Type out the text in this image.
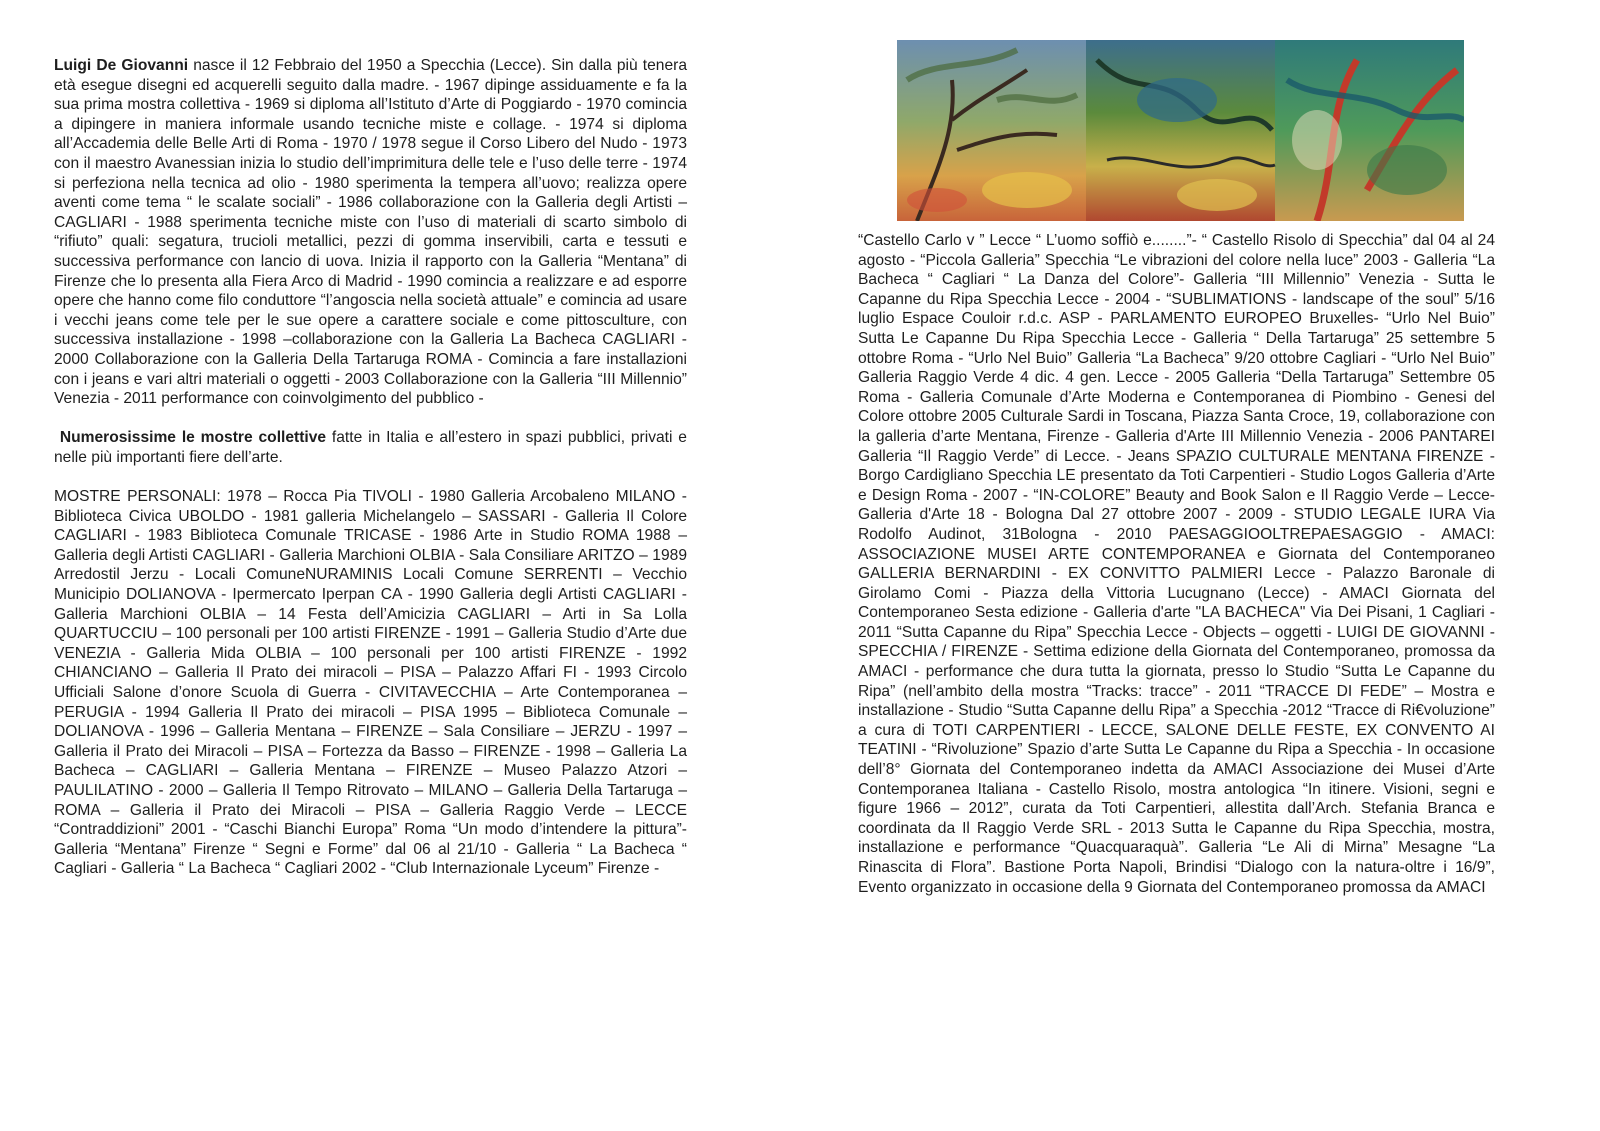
Luigi De Giovanni nasce il 12 Febbraio del 1950 a Specchia (Lecce). Sin dalla più tenera età esegue disegni ed acquerelli seguito dalla madre. - 1967 dipinge assiduamente e fa la sua prima mostra collettiva - 1969 si diploma all’Istituto d’Arte di Poggiardo - 1970 comincia a dipingere in maniera informale usando tecniche miste e collage. - 1974 si diploma all’Accademia delle Belle Arti di Roma - 1970 / 1978 segue il Corso Libero del Nudo - 1973 con il maestro Avanessian inizia lo studio dell’imprimitura delle tele e l’uso delle terre - 1974 si perfeziona nella tecnica ad olio - 1980 sperimenta la tempera all’uovo; realizza opere aventi come tema “ le scalate sociali” - 1986 collaborazione con la Galleria degli Artisti – CAGLIARI - 1988 sperimenta tecniche miste con l’uso di materiali di scarto simbolo di “rifiuto” quali: segatura, trucioli metallici, pezzi di gomma inservibili, carta e tessuti e successiva performance con lancio di uova. Inizia il rapporto con la Galleria “Mentana” di Firenze che lo presenta alla Fiera Arco di Madrid - 1990 comincia a realizzare e ad esporre opere che hanno come filo conduttore “l’angoscia nella società attuale” e comincia ad usare i vecchi jeans come tele per le sue opere a carattere sociale e come pittosculture, con successiva installazione - 1998 –collaborazione con la Galleria La Bacheca CAGLIARI - 2000 Collaborazione con la Galleria Della Tartaruga ROMA - Comincia a fare installazioni con i jeans e vari altri materiali o oggetti - 2003 Collaborazione con la Galleria “III Millennio” Venezia - 2011 performance con coinvolgimento del pubblico -

Numerosissime le mostre collettive fatte in Italia e all’estero in spazi pubblici, privati e nelle più importanti fiere dell’arte.

MOSTRE PERSONALI: 1978 – Rocca Pia TIVOLI - 1980 Galleria Arcobaleno MILANO - Biblioteca Civica UBOLDO - 1981 galleria Michelangelo – SASSARI - Galleria Il Colore CAGLIARI - 1983 Biblioteca Comunale TRICASE - 1986 Arte in Studio ROMA 1988 – Galleria degli Artisti CAGLIARI - Galleria Marchioni OLBIA - Sala Consiliare ARITZO – 1989 Arredostil Jerzu - Locali ComuneNURAMINIS Locali Comune SERRENTI – Vecchio Municipio DOLIANOVA - Ipermercato Iperpan CA - 1990 Galleria degli Artisti CAGLIARI - Galleria Marchioni OLBIA – 14 Festa dell’Amicizia CAGLIARI – Arti in Sa Lolla QUARTUCCIU – 100 personali per 100 artisti FIRENZE - 1991 – Galleria Studio d’Arte due VENEZIA - Galleria Mida OLBIA – 100 personali per 100 artisti FIRENZE - 1992 CHIANCIANO – Galleria Il Prato dei miracoli – PISA – Palazzo Affari FI - 1993 Circolo Ufficiali Salone d’onore Scuola di Guerra - CIVITAVECCHIA – Arte Contemporanea – PERUGIA - 1994 Galleria Il Prato dei miracoli – PISA 1995 – Biblioteca Comunale – DOLIANOVA - 1996 – Galleria Mentana – FIRENZE – Sala Consiliare – JERZU - 1997 – Galleria il Prato dei Miracoli – PISA – Fortezza da Basso – FIRENZE - 1998 – Galleria La Bacheca – CAGLIARI – Galleria Mentana – FIRENZE – Museo Palazzo Atzori – PAULILATINO - 2000 – Galleria Il Tempo Ritrovato – MILANO – Galleria Della Tartaruga – ROMA – Galleria il Prato dei Miracoli – PISA – Galleria Raggio Verde – LECCE “Contraddizioni” 2001 - “Caschi Bianchi Europa” Roma “Un modo d’intendere la pittura”- Galleria “Mentana” Firenze “ Segni e Forme” dal 06 al 21/10 - Galleria “ La Bacheca “ Cagliari - Galleria “ La Bacheca “ Cagliari 2002 - “Club Internazionale Lyceum” Firenze -

“Castello Carlo v ” Lecce “ L’uomo soffiò e........”- “ Castello Risolo di Specchia” dal 04 al 24 agosto - “Piccola Galleria” Specchia “Le vibrazioni del colore nella luce” 2003 - Galleria “La Bacheca “ Cagliari “ La Danza del Colore”- Galleria “III Millennio” Venezia - Sutta le Capanne du Ripa Specchia Lecce - 2004 - “SUBLIMATIONS - landscape of the soul” 5/16 luglio Espace Couloir r.d.c. ASP - PARLAMENTO EUROPEO Bruxelles- “Urlo Nel Buio” Sutta Le Capanne Du Ripa Specchia Lecce - Galleria “ Della Tartaruga” 25 settembre 5 ottobre Roma - “Urlo Nel Buio” Galleria “La Bacheca” 9/20 ottobre Cagliari - “Urlo Nel Buio” Galleria Raggio Verde 4 dic. 4 gen. Lecce - 2005 Galleria “Della Tartaruga” Settembre 05 Roma - Galleria Comunale d’Arte Moderna e Contemporanea di Piombino - Genesi del Colore ottobre 2005 Culturale Sardi in Toscana, Piazza Santa Croce, 19, collaborazione con la galleria d’arte Mentana, Firenze - Galleria d'Arte III Millennio Venezia - 2006 PANTAREI Galleria “Il Raggio Verde” di Lecce. - Jeans SPAZIO CULTURALE MENTANA FIRENZE - Borgo Cardigliano Specchia LE presentato da Toti Carpentieri - Studio Logos Galleria d’Arte e Design Roma - 2007 - “IN-COLORE” Beauty and Book Salon e Il Raggio Verde – Lecce- Galleria d'Arte 18 - Bologna Dal 27 ottobre 2007 - 2009 - STUDIO LEGALE IURA Via Rodolfo Audinot, 31Bologna - 2010 PAESAGGIOOLTREPAESAGGIO - AMACI: ASSOCIAZIONE MUSEI ARTE CONTEMPORANEA e Giornata del Contemporaneo GALLERIA BERNARDINI - EX CONVITTO PALMIERI Lecce - Palazzo Baronale di Girolamo Comi - Piazza della Vittoria Lucugnano (Lecce) - AMACI Giornata del Contemporaneo Sesta edizione - Galleria d'arte "LA BACHECA" Via Dei Pisani, 1 Cagliari - 2011 “Sutta Capanne du Ripa” Specchia Lecce - Objects – oggetti - LUIGI DE GIOVANNI - SPECCHIA / FIRENZE - Settima edizione della Giornata del Contemporaneo, promossa da AMACI - performance che dura tutta la giornata, presso lo Studio “Sutta Le Capanne du Ripa” (nell’ambito della mostra “Tracks: tracce” - 2011 “TRACCE DI FEDE” – Mostra e installazione - Studio “Sutta Capanne dellu Ripa” a Specchia -2012 “Tracce di Ri€voluzione” a cura di TOTI CARPENTIERI - LECCE, SALONE DELLE FESTE, EX CONVENTO AI TEATINI - “Rivoluzione” Spazio d’arte Sutta Le Capanne du Ripa a Specchia - In occasione dell’8° Giornata del Contemporaneo indetta da AMACI Associazione dei Musei d’Arte Contemporanea Italiana - Castello Risolo, mostra antologica “In itinere. Visioni, segni e figure 1966 – 2012”, curata da Toti Carpentieri, allestita dall’Arch. Stefania Branca e coordinata da Il Raggio Verde SRL - 2013 Sutta le Capanne du Ripa Specchia, mostra, installazione e performance “Quacquaraquà”. Galleria “Le Ali di Mirna” Mesagne “La Rinascita di Flora”. Bastione Porta Napoli, Brindisi “Dialogo con la natura-oltre i 16/9”, Evento organizzato in occasione della 9 Giornata del Contemporaneo promossa da AMACI
